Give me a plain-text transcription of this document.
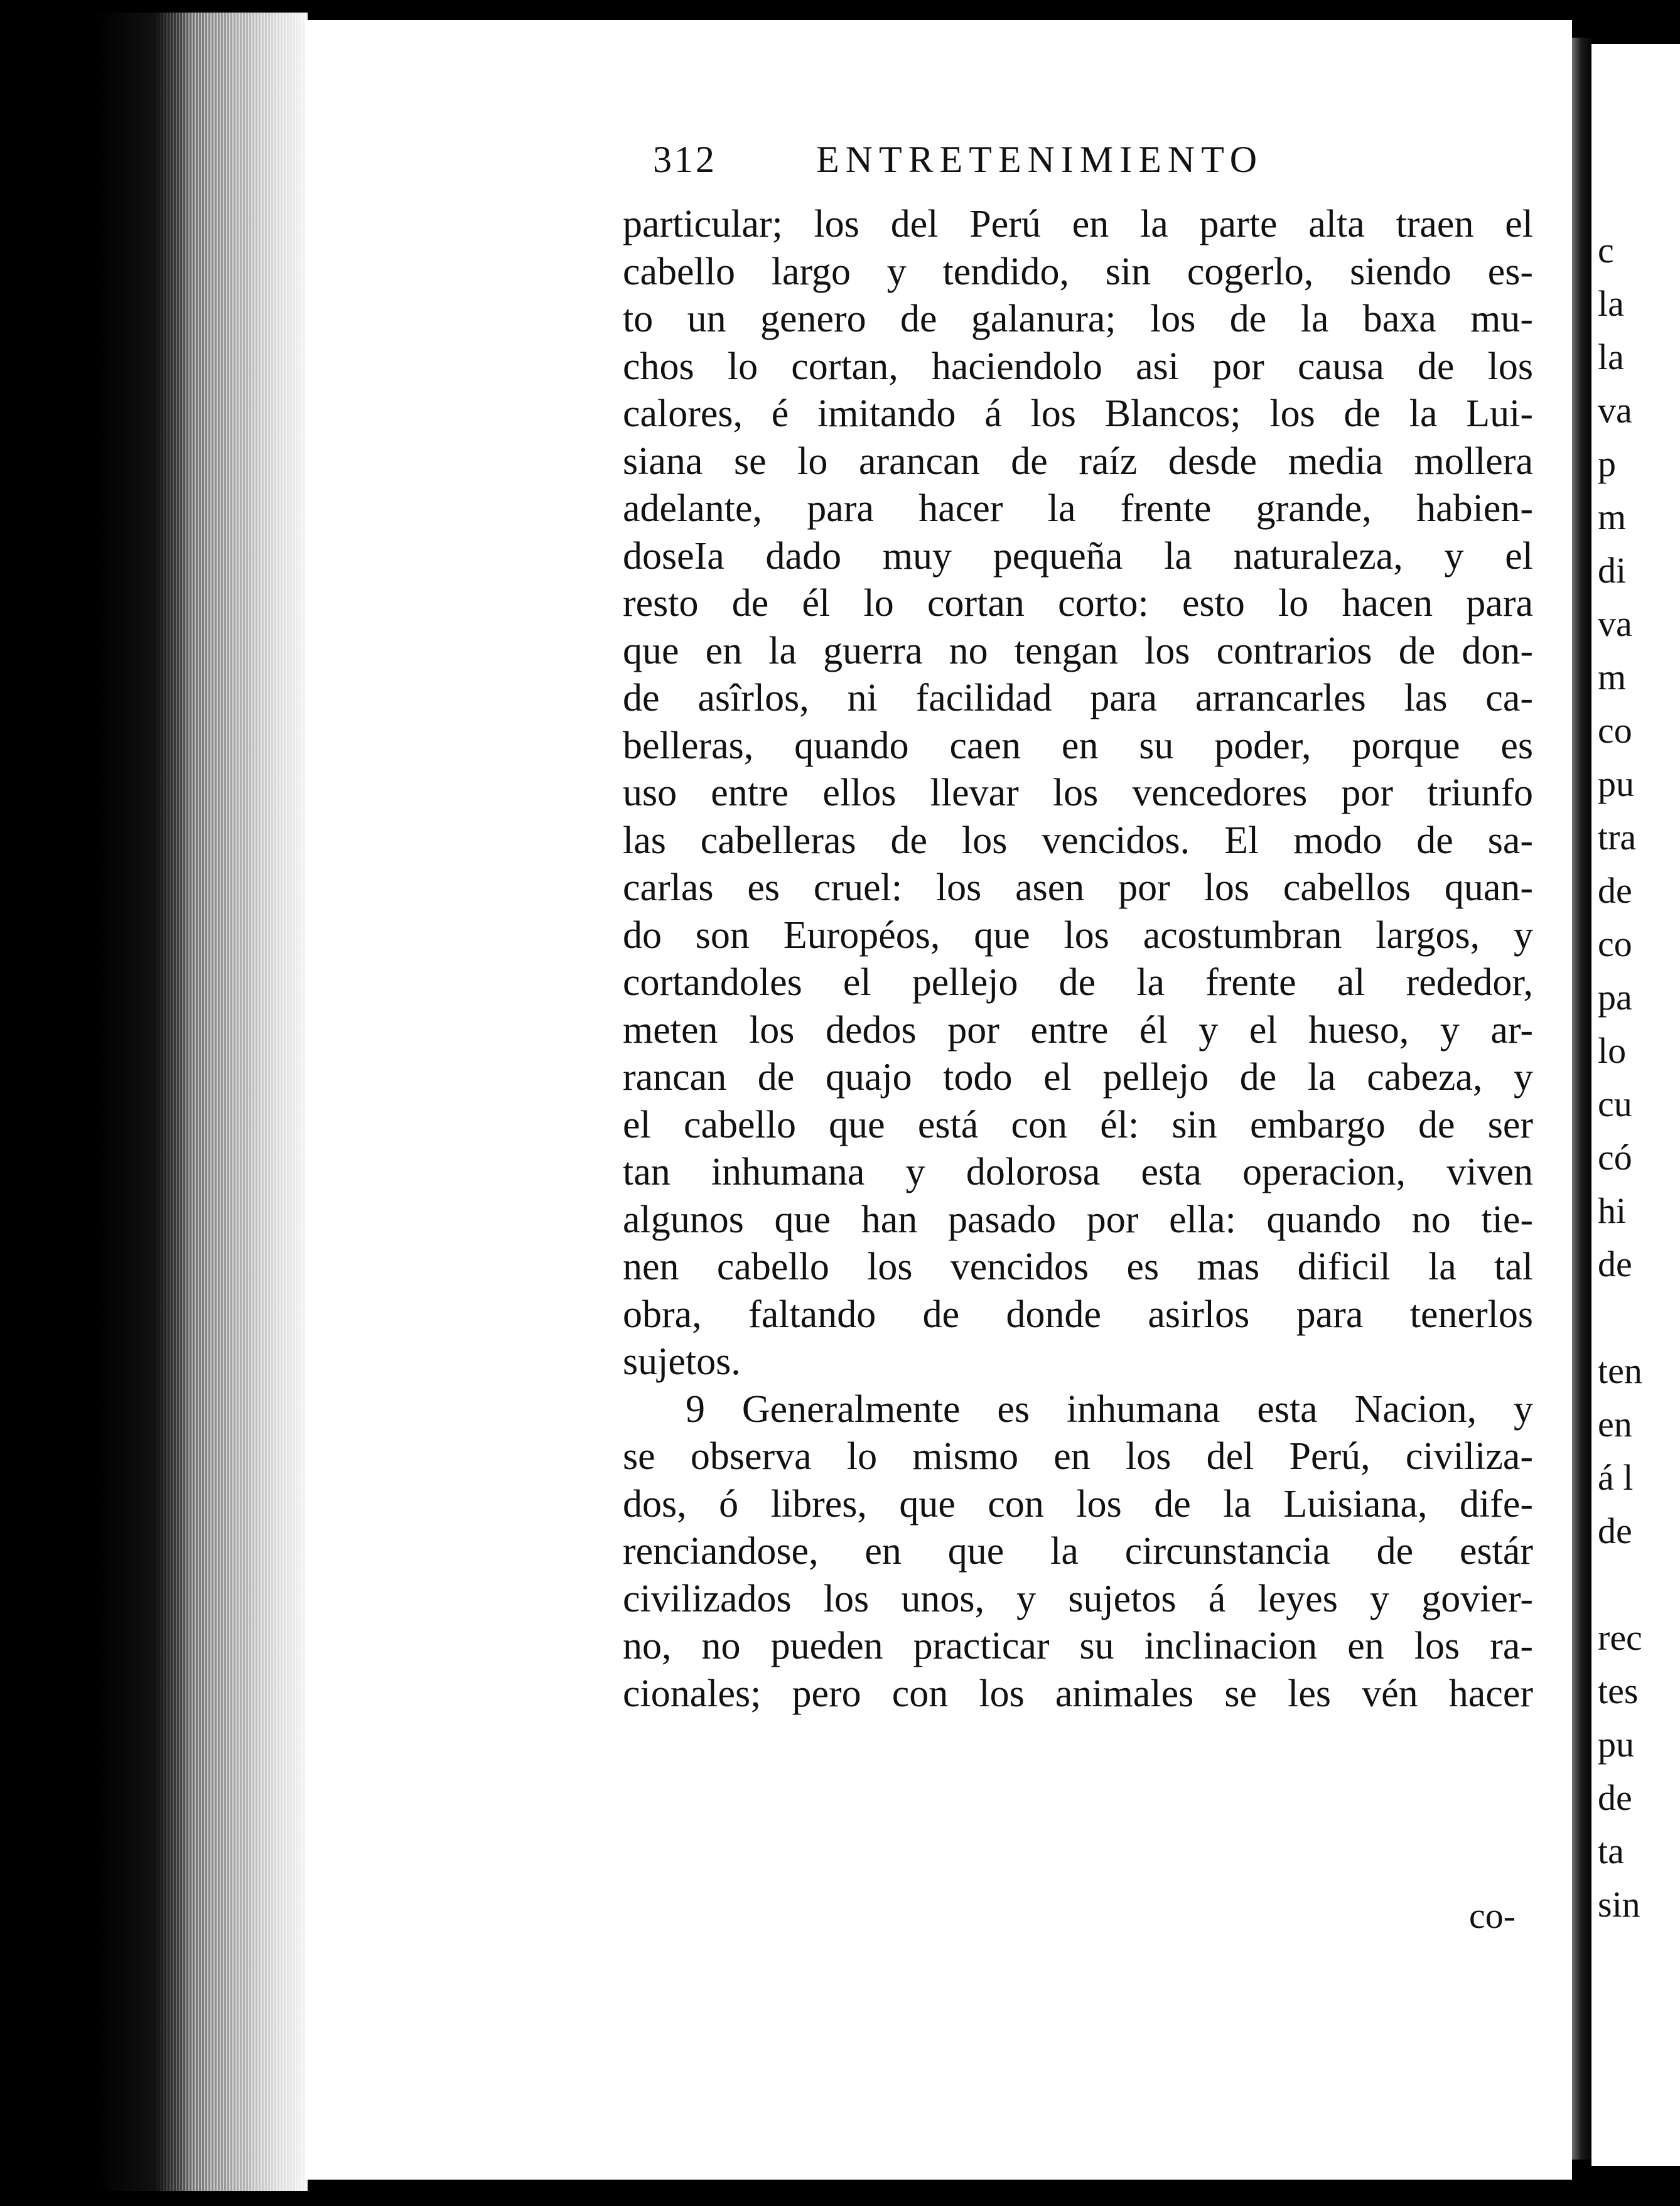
c
la
la
va
p
m
di
va
m
co
pu
tra
de
co
pa
lo
cu
có
hi
de
ten
en
á l
de
rec
tes
pu
de
ta
sin
312	ENTRETENIMIENTO
particular; los del Perú en la parte alta traen el
cabello largo y tendido, sin cogerlo, siendo es-
to un genero de galanura; los de la baxa mu-
chos lo cortan, haciendolo asi por causa de los
calores, é imitando á los Blancos; los de la Lui-
siana se lo arancan de raíz desde media mollera
adelante, para hacer la frente grande, habien-
doseIa dado muy pequeña la naturaleza, y el
resto de él lo cortan corto: esto lo hacen para
que en la guerra no tengan los contrarios de don-
de asîrlos, ni facilidad para arrancarles las ca-
belleras, quando caen en su poder, porque es
uso entre ellos llevar los vencedores por triunfo
las cabelleras de los vencidos. El modo de sa-
carlas es cruel: los asen por los cabellos quan-
do son Européos, que los acostumbran largos, y
cortandoles el pellejo de la frente al rededor,
meten los dedos por entre él y el hueso, y ar-
rancan de quajo todo el pellejo de la cabeza, y
el cabello que está con él: sin embargo de ser
tan inhumana y dolorosa esta operacion, viven
algunos que han pasado por ella: quando no tie-
nen cabello los vencidos es mas dificil la tal
obra, faltando de donde asirlos para tenerlos
sujetos.
9 Generalmente es inhumana esta Nacion, y
se observa lo mismo en los del Perú, civiliza-
dos, ó libres, que con los de la Luisiana, dife-
renciandose, en que la circunstancia de estár
civilizados los unos, y sujetos á leyes y govier-
no, no pueden practicar su inclinacion en los ra-
cionales; pero con los animales se les vén hacer
co-
